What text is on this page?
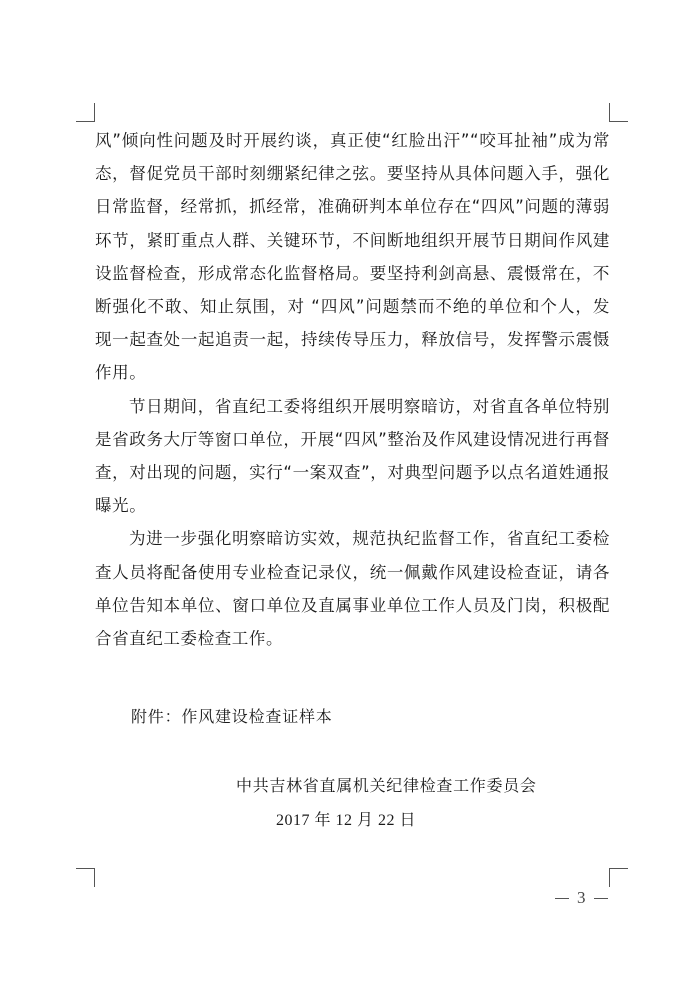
风”倾向性问题及时开展约谈，真正使“红脸出汗”“咬耳扯袖”成为常态，督促党员干部时刻绷紧纪律之弦。要坚持从具体问题入手，强化日常监督，经常抓，抓经常，准确研判本单位存在“四风”问题的薄弱环节，紧盯重点人群、关键环节，不间断地组织开展节日期间作风建设监督检查，形成常态化监督格局。要坚持利剑高悬、震慑常在，不断强化不敢、知止氛围，对 “四风”问题禁而不绝的单位和个人，发现一起查处一起追责一起，持续传导压力，释放信号，发挥警示震慑作用。

节日期间，省直纪工委将组织开展明察暗访，对省直各单位特别是省政务大厅等窗口单位，开展“四风”整治及作风建设情况进行再督查，对出现的问题，实行“一案双查”，对典型问题予以点名道姓通报曝光。

为进一步强化明察暗访实效，规范执纪监督工作，省直纪工委检查人员将配备使用专业检查记录仪，统一佩戴作风建设检查证，请各单位告知本单位、窗口单位及直属事业单位工作人员及门岗，积极配合省直纪工委检查工作。

附件：作风建设检查证样本
中共吉林省直属机关纪律检查工作委员会
2017 年 12 月 22 日
3
